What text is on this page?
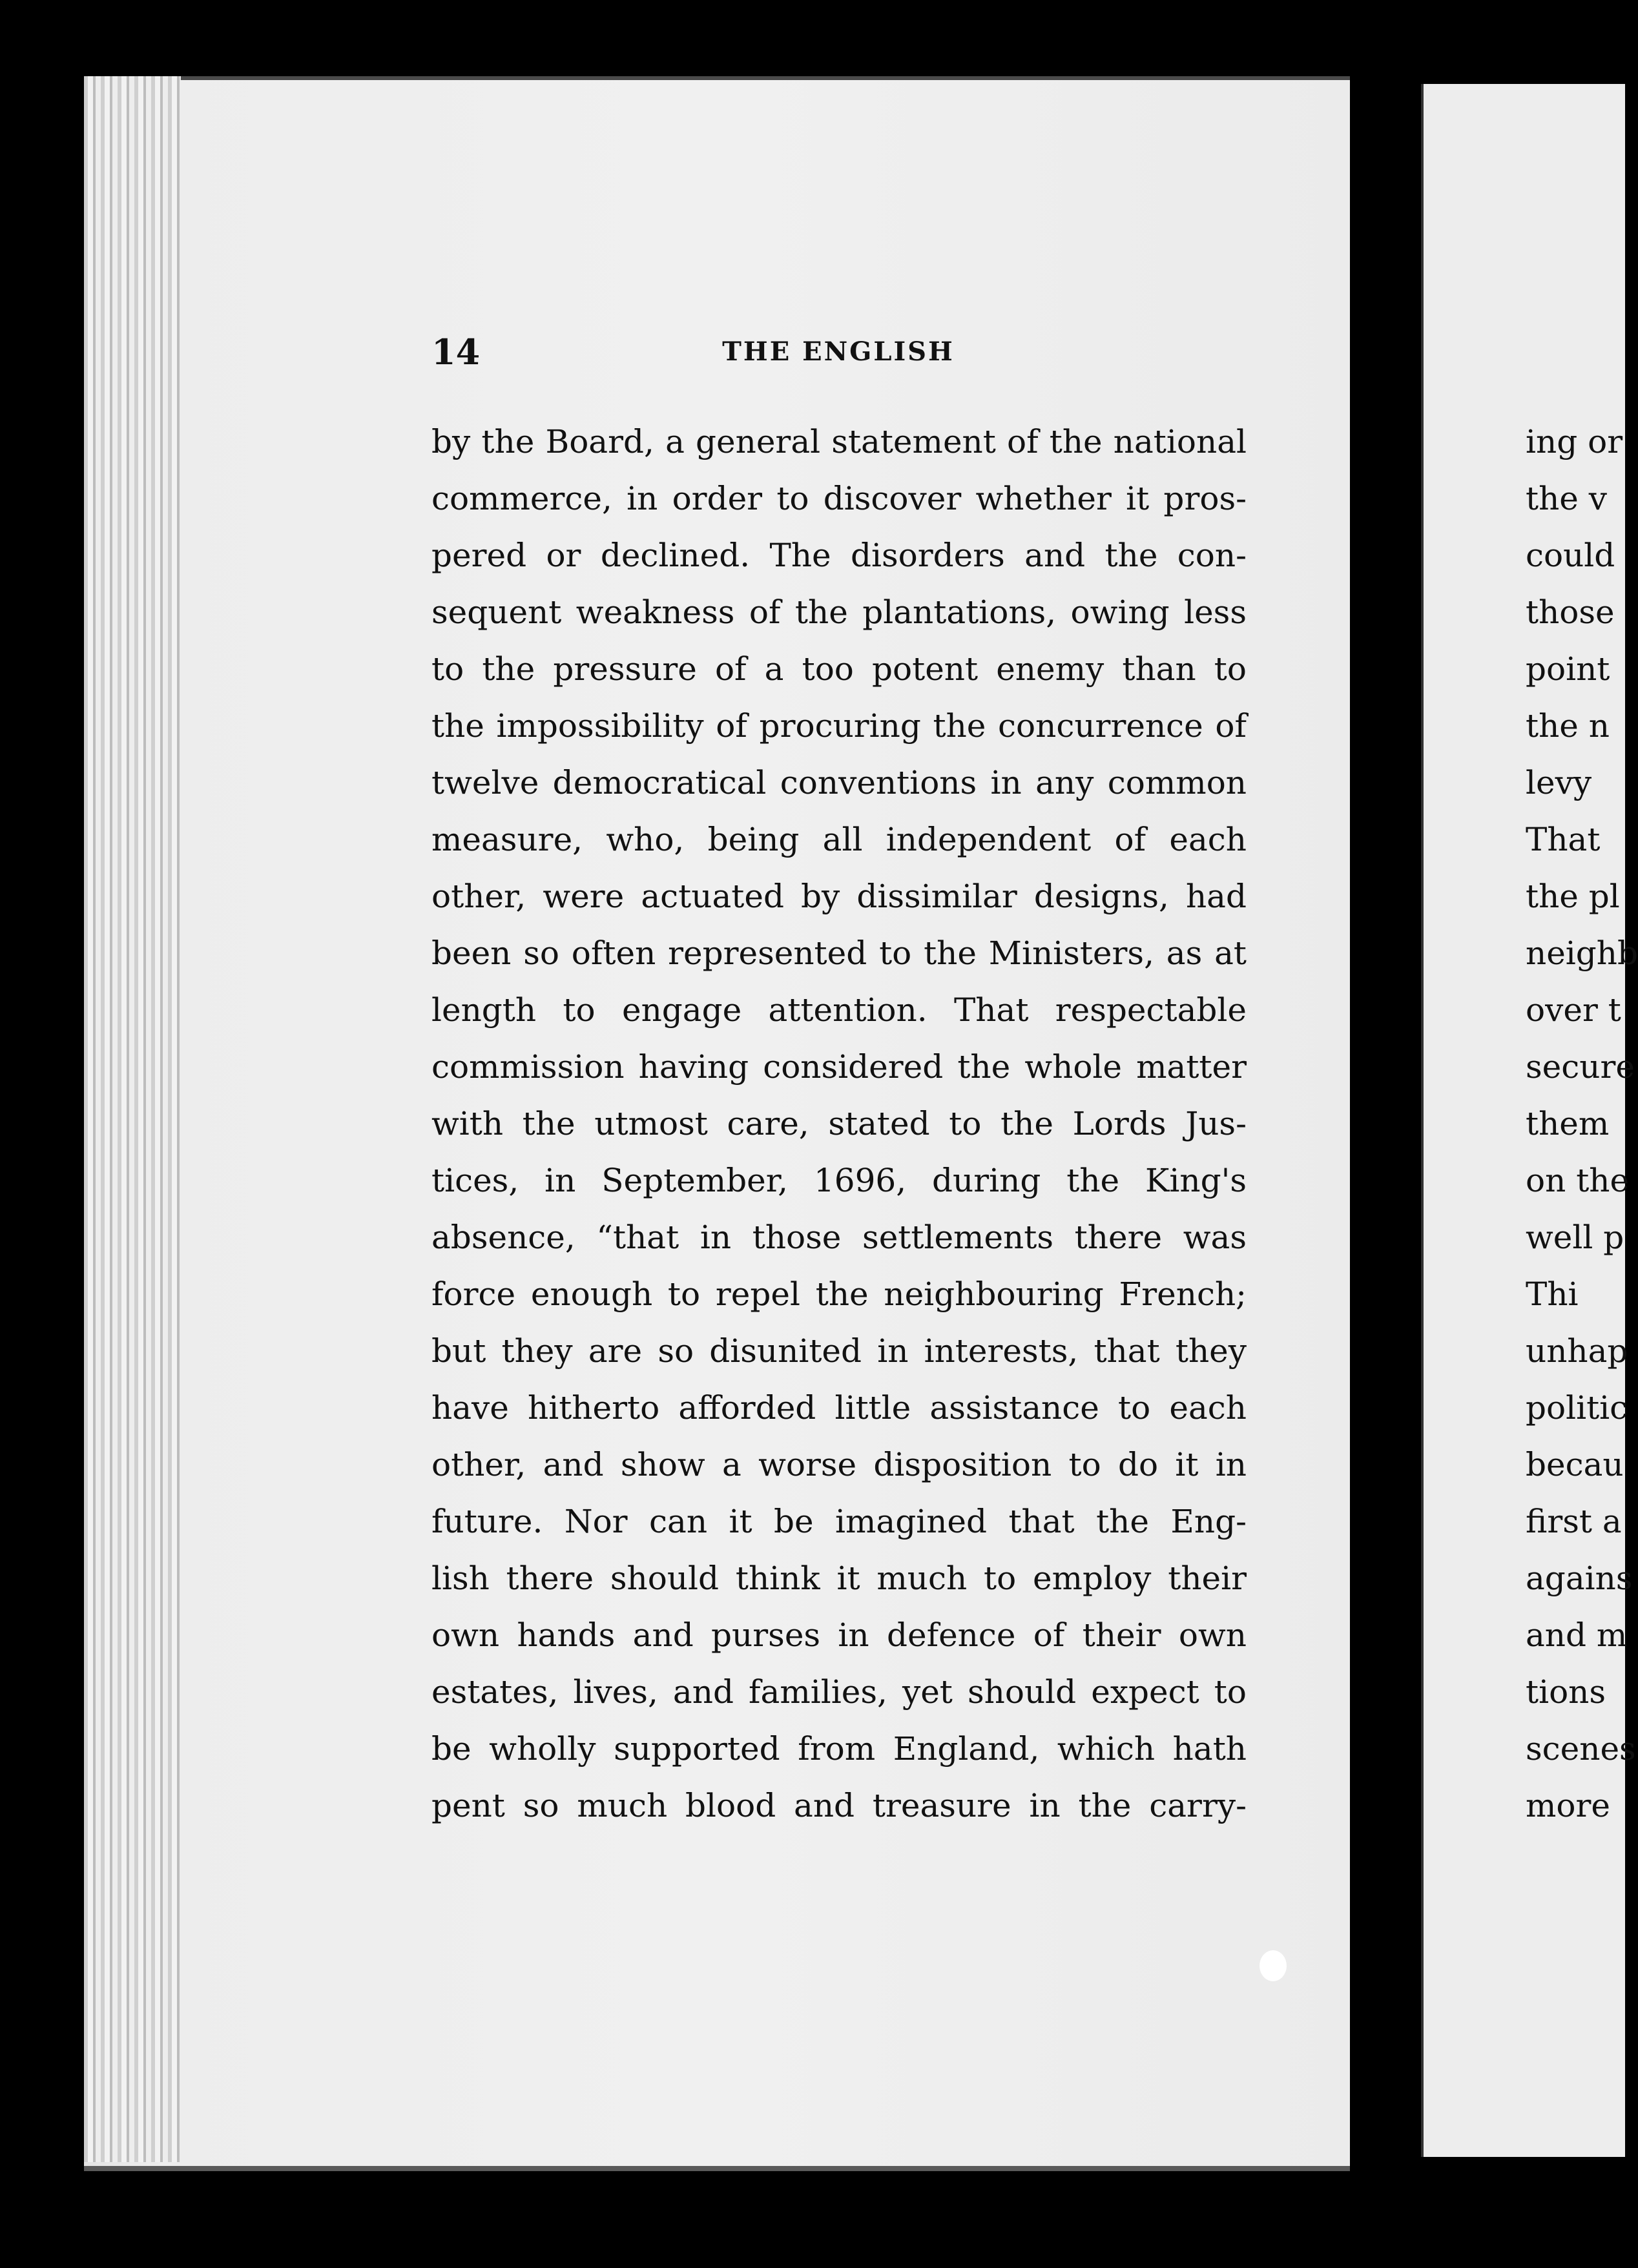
14	THE ENGLISH
by the Board, a general statement of the national
commerce, in order to discover whether it pros-
pered or declined. The disorders and the con-
sequent weakness of the plantations, owing less
to the pressure of a too potent enemy than to
the impossibility of procuring the concurrence of
twelve democratical conventions in any common
measure, who, being all independent of each
other, were actuated by dissimilar designs, had
been so often represented to the Ministers, as at
length to engage attention. That respectable
commission having considered the whole matter
with the utmost care, stated to the Lords Jus-
tices, in September, 1696, during the King's
absence, “that in those settlements there was
force enough to repel the neighbouring French;
but they are so disunited in interests, that they
have hitherto afforded little assistance to each
other, and show a worse disposition to do it in
future. Nor can it be imagined that the Eng-
lish there should think it much to employ their
own hands and purses in defence of their own
estates, lives, and families, yet should expect to
be wholly supported from England, which hath
pent so much blood and treasure in the carry-
ing or
the v
could
those
point
the n
levy
That
the pl
neighb
over t
secure
them
on the
well p
Thi
unhap
politic
becau
first a
agains
and m
tions
scenes
more
